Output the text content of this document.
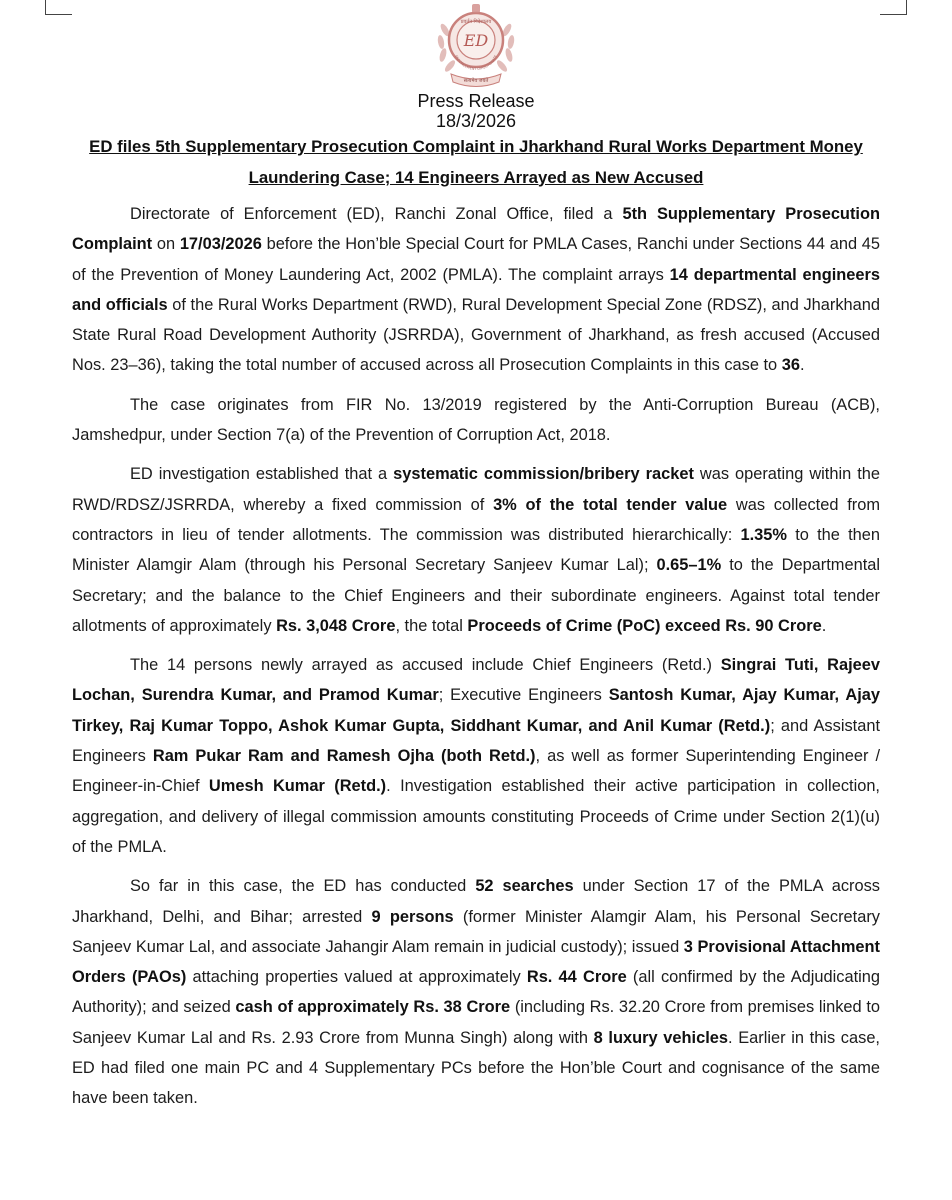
प्रवर्तन निदेशालय
ED
ENFORCEMENT DIRECTORATE
सत्यमेव जयते
Press Release
18/3/2026
ED files 5th Supplementary Prosecution Complaint in Jharkhand Rural Works Department Money Laundering Case; 14 Engineers Arrayed as New Accused

Directorate of Enforcement (ED), Ranchi Zonal Office, filed a 5th Supplementary Prosecution Complaint on 17/03/2026 before the Hon’ble Special Court for PMLA Cases, Ranchi under Sections 44 and 45 of the Prevention of Money Laundering Act, 2002 (PMLA). The complaint arrays 14 departmental engineers and officials of the Rural Works Department (RWD), Rural Development Special Zone (RDSZ), and Jharkhand State Rural Road Development Authority (JSRRDA), Government of Jharkhand, as fresh accused (Accused Nos. 23–36), taking the total number of accused across all Prosecution Complaints in this case to 36.

The case originates from FIR No. 13/2019 registered by the Anti-Corruption Bureau (ACB), Jamshedpur, under Section 7(a) of the Prevention of Corruption Act, 2018.

ED investigation established that a systematic commission/bribery racket was operating within the RWD/RDSZ/JSRRDA, whereby a fixed commission of 3% of the total tender value was collected from contractors in lieu of tender allotments. The commission was distributed hierarchically: 1.35% to the then Minister Alamgir Alam (through his Personal Secretary Sanjeev Kumar Lal); 0.65–1% to the Departmental Secretary; and the balance to the Chief Engineers and their subordinate engineers. Against total tender allotments of approximately Rs. 3,048 Crore, the total Proceeds of Crime (PoC) exceed Rs. 90 Crore.

The 14 persons newly arrayed as accused include Chief Engineers (Retd.) Singrai Tuti, Rajeev Lochan, Surendra Kumar, and Pramod Kumar; Executive Engineers Santosh Kumar, Ajay Kumar, Ajay Tirkey, Raj Kumar Toppo, Ashok Kumar Gupta, Siddhant Kumar, and Anil Kumar (Retd.); and Assistant Engineers Ram Pukar Ram and Ramesh Ojha (both Retd.), as well as former Superintending Engineer / Engineer-in-Chief Umesh Kumar (Retd.). Investigation established their active participation in collection, aggregation, and delivery of illegal commission amounts constituting Proceeds of Crime under Section 2(1)(u) of the PMLA.

So far in this case, the ED has conducted 52 searches under Section 17 of the PMLA across Jharkhand, Delhi, and Bihar; arrested 9 persons (former Minister Alamgir Alam, his Personal Secretary Sanjeev Kumar Lal, and associate Jahangir Alam remain in judicial custody); issued 3 Provisional Attachment Orders (PAOs) attaching properties valued at approximately Rs. 44 Crore (all confirmed by the Adjudicating Authority); and seized cash of approximately Rs. 38 Crore (including Rs. 32.20 Crore from premises linked to Sanjeev Kumar Lal and Rs. 2.93 Crore from Munna Singh) along with 8 luxury vehicles. Earlier in this case, ED had filed one main PC and 4 Supplementary PCs before the Hon’ble Court and cognisance of the same have been taken.
